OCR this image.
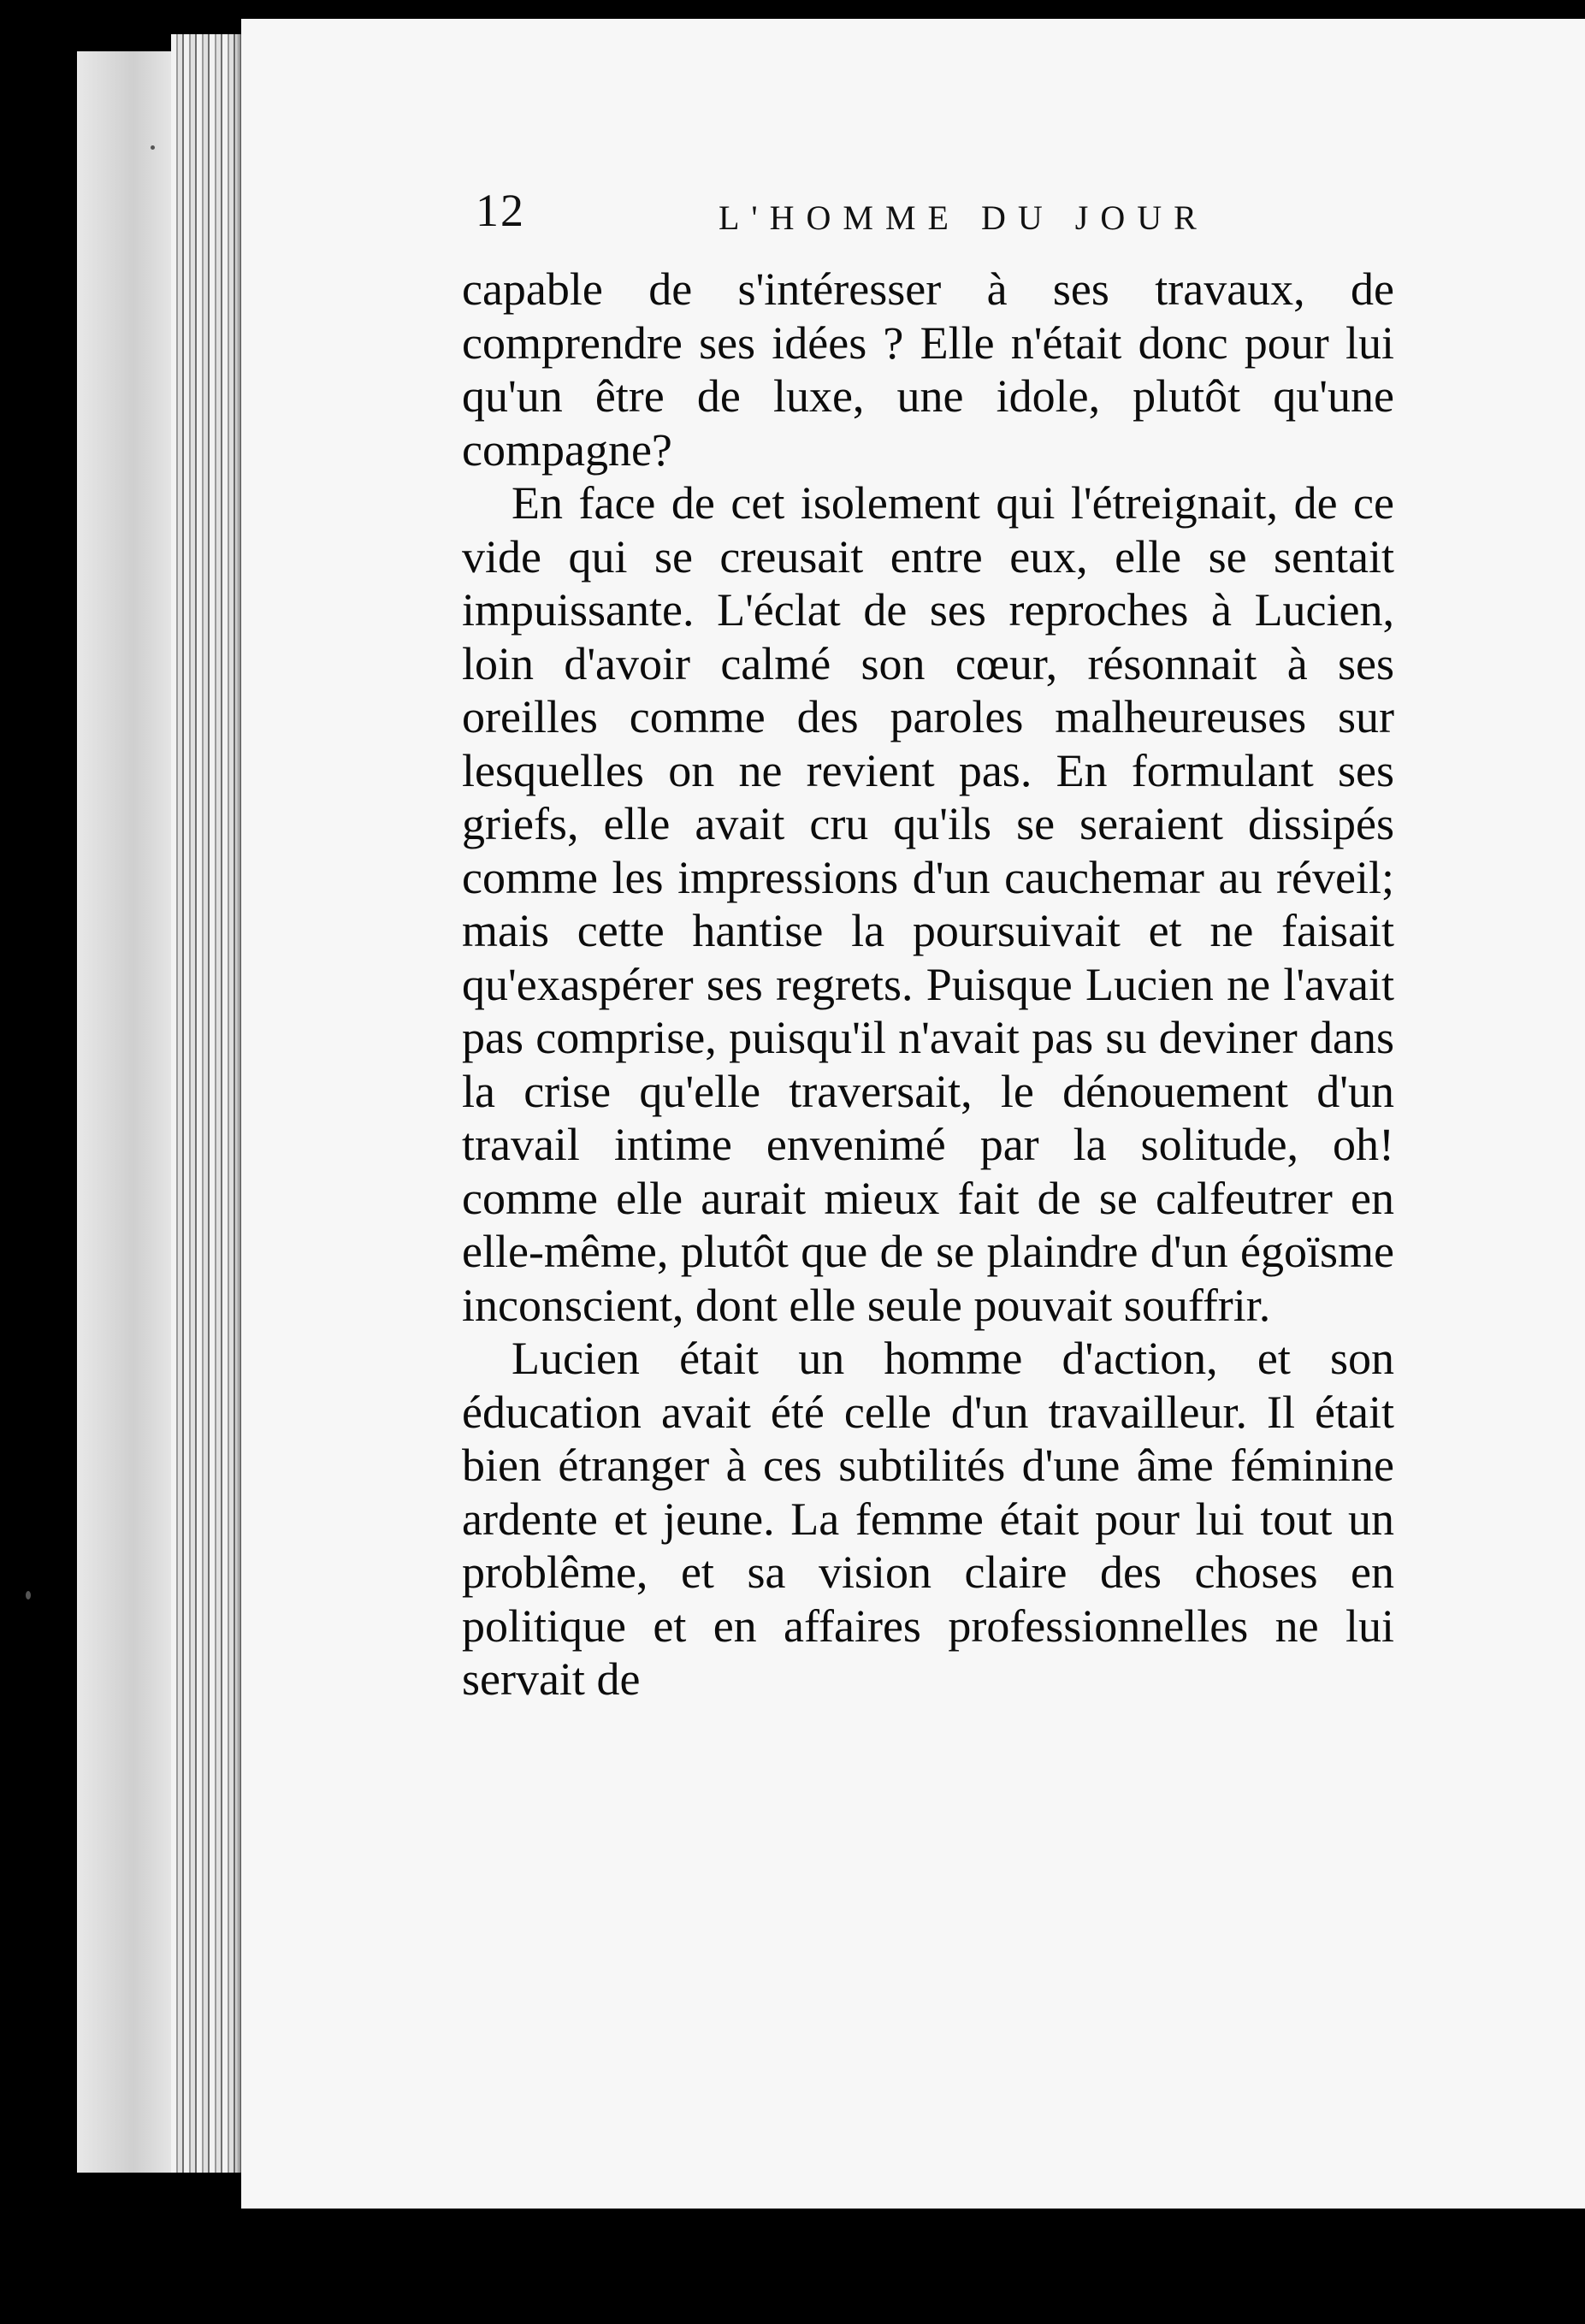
12	L'HOMME DU JOUR

capable de s'intéresser à ses travaux, de comprendre ses idées ? Elle n'était donc pour lui qu'un être de luxe, une idole, plutôt qu'une compagne?

En face de cet isolement qui l'étreignait, de ce vide qui se creusait entre eux, elle se sentait impuissante. L'éclat de ses reproches à Lucien, loin d'avoir calmé son cœur, résonnait à ses oreilles comme des paroles malheureuses sur lesquelles on ne revient pas. En formulant ses griefs, elle avait cru qu'ils se seraient dissipés comme les impressions d'un cauchemar au réveil; mais cette hantise la poursuivait et ne faisait qu'exaspérer ses regrets. Puisque Lucien ne l'avait pas comprise, puisqu'il n'avait pas su deviner dans la crise qu'elle traversait, le dénouement d'un travail intime envenimé par la solitude, oh! comme elle aurait mieux fait de se calfeutrer en elle-même, plutôt que de se plaindre d'un égoïsme inconscient, dont elle seule pouvait souffrir.

Lucien était un homme d'action, et son éducation avait été celle d'un travailleur. Il était bien étranger à ces subtilités d'une âme féminine ardente et jeune. La femme était pour lui tout un problême, et sa vision claire des choses en politique et en affaires professionnelles ne lui servait de
